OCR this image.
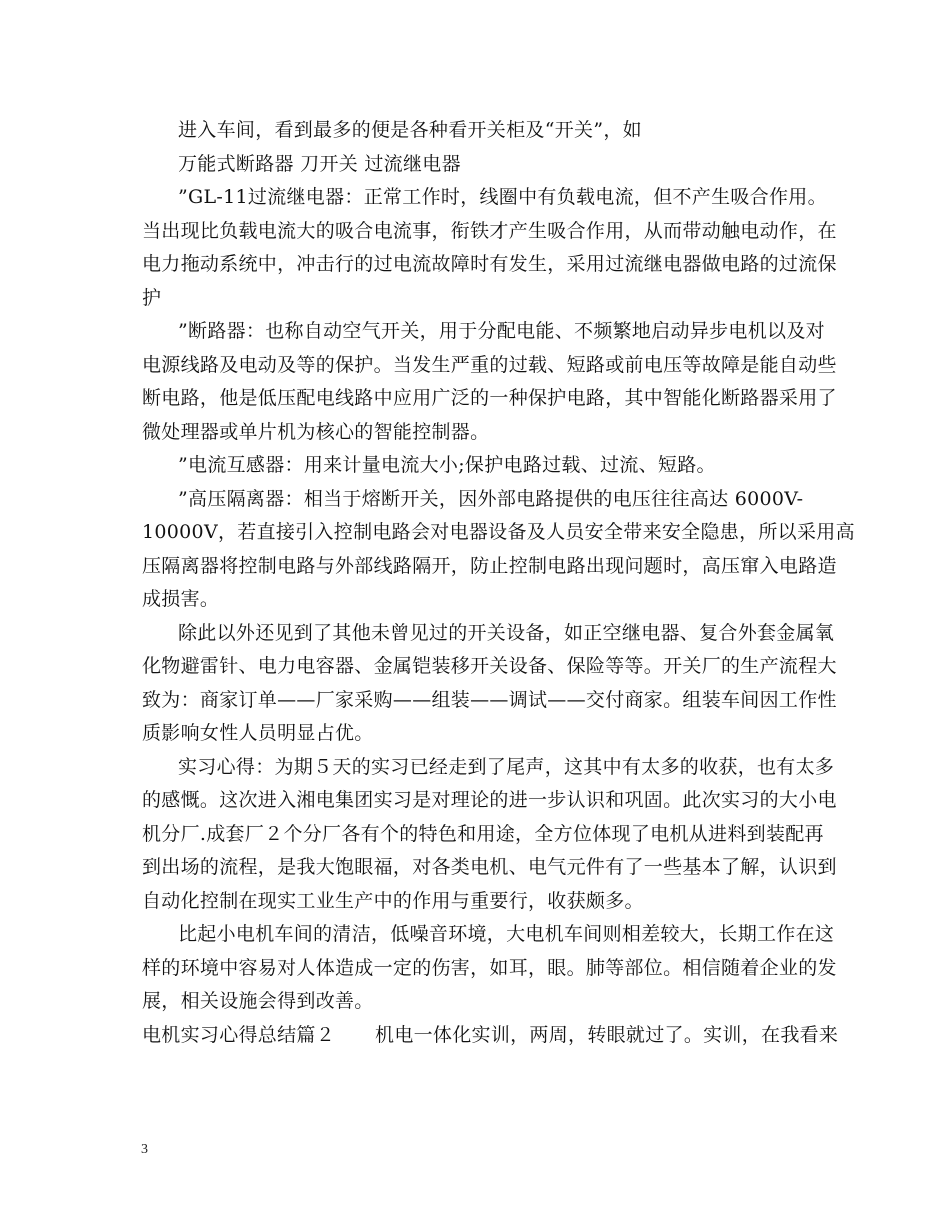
进入车间，看到最多的便是各种看开关柜及“开关”，如
万能式断路器 刀开关 过流继电器
”GL-11过流继电器：正常工作时，线圈中有负载电流，但不产生吸合作用。
当出现比负载电流大的吸合电流事，衔铁才产生吸合作用，从而带动触电动作，在
电力拖动系统中，冲击行的过电流故障时有发生，采用过流继电器做电路的过流保
护
”断路器：也称自动空气开关，用于分配电能、不频繁地启动异步电机以及对
电源线路及电动及等的保护。当发生严重的过载、短路或前电压等故障是能自动些
断电路，他是低压配电线路中应用广泛的一种保护电路，其中智能化断路器采用了
微处理器或单片机为核心的智能控制器。
”电流互感器：用来计量电流大小;保护电路过载、过流、短路。
”高压隔离器：相当于熔断开关，因外部电路提供的电压往往高达 6000V-
10000V，若直接引入控制电路会对电器设备及人员安全带来安全隐患，所以采用高
压隔离器将控制电路与外部线路隔开，防止控制电路出现问题时，高压窜入电路造
成损害。
除此以外还见到了其他未曾见过的开关设备，如正空继电器、复合外套金属氧
化物避雷针、电力电容器、金属铠装移开关设备、保险等等。开关厂的生产流程大
致为：商家订单——厂家采购——组装——调试——交付商家。组装车间因工作性
质影响女性人员明显占优。
实习心得：为期５天的实习已经走到了尾声，这其中有太多的收获，也有太多
的感慨。这次进入湘电集团实习是对理论的进一步认识和巩固。此次实习的大小电
机分厂.成套厂２个分厂各有个的特色和用途，全方位体现了电机从进料到装配再
到出场的流程，是我大饱眼福，对各类电机、电气元件有了一些基本了解，认识到
自动化控制在现实工业生产中的作用与重要行，收获颇多。
比起小电机车间的清洁，低噪音环境，大电机车间则相差较大，长期工作在这
样的环境中容易对人体造成一定的伤害，如耳，眼。肺等部位。相信随着企业的发
展，相关设施会得到改善。
电机实习心得总结篇２ 机电一体化实训，两周，转眼就过了。实训，在我看来
3
